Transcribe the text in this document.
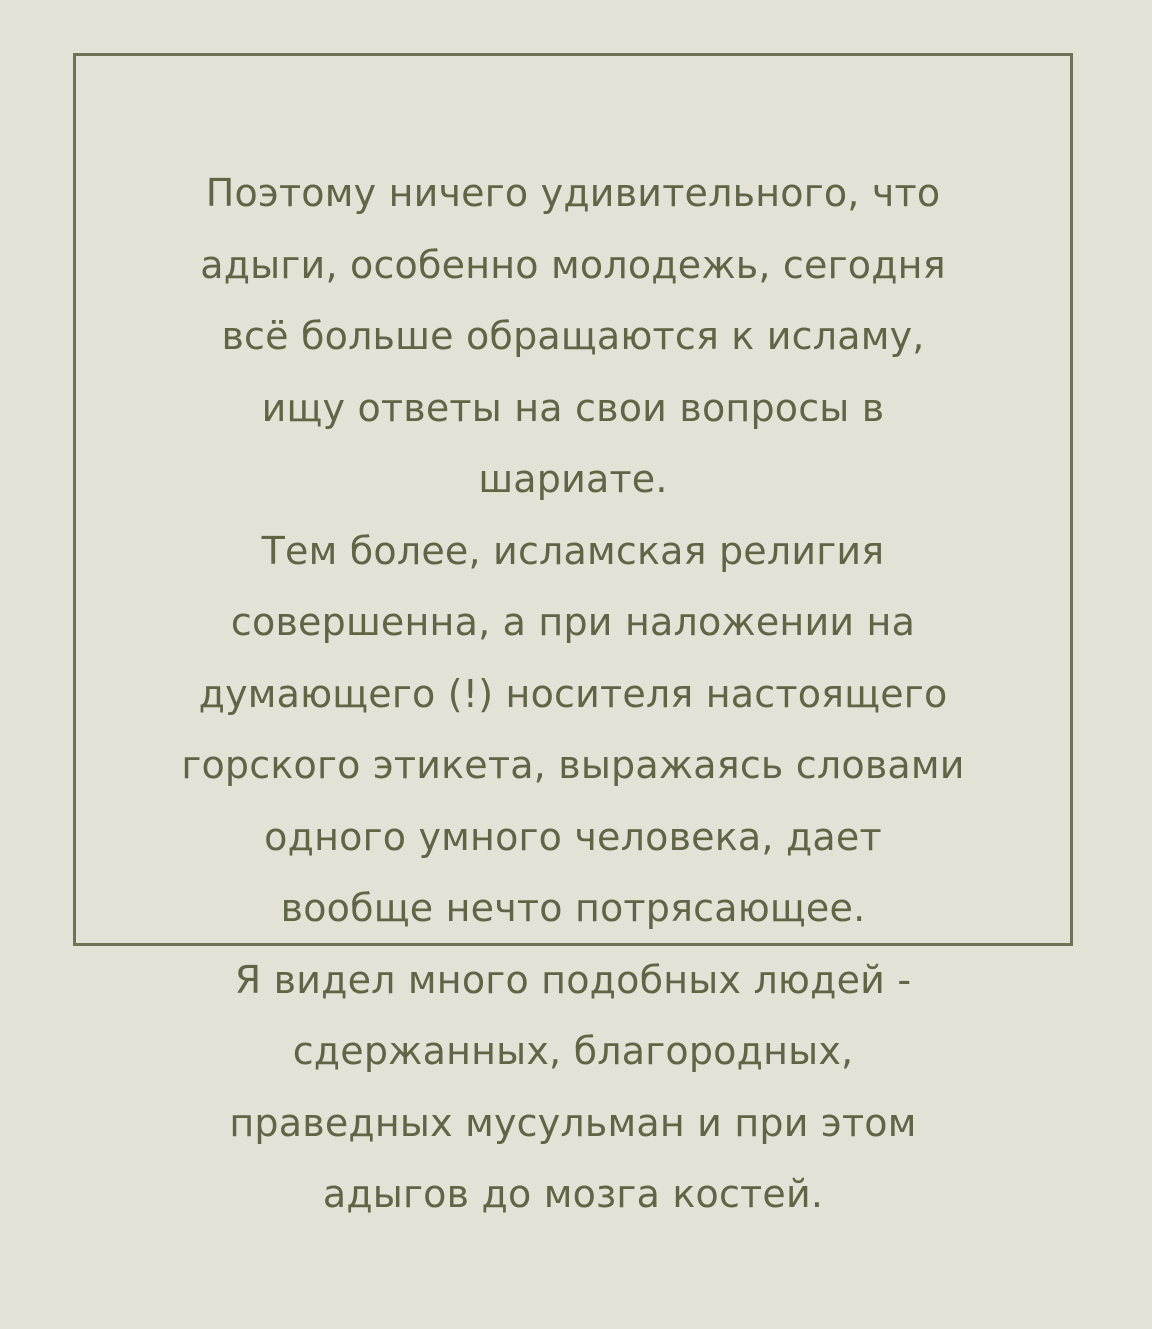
Поэтому ничего удивительного, что
адыги, особенно молодежь, сегодня
всё больше обращаются к исламу,
ищу ответы на свои вопросы в
шариате.
Тем более, исламская религия
совершенна, а при наложении на
думающего (!) носителя настоящего
горского этикета, выражаясь словами
одного умного человека, дает
вообще нечто потрясающее.
Я видел много подобных людей -
сдержанных, благородных,
праведных мусульман и при этом
адыгов до мозга костей.
